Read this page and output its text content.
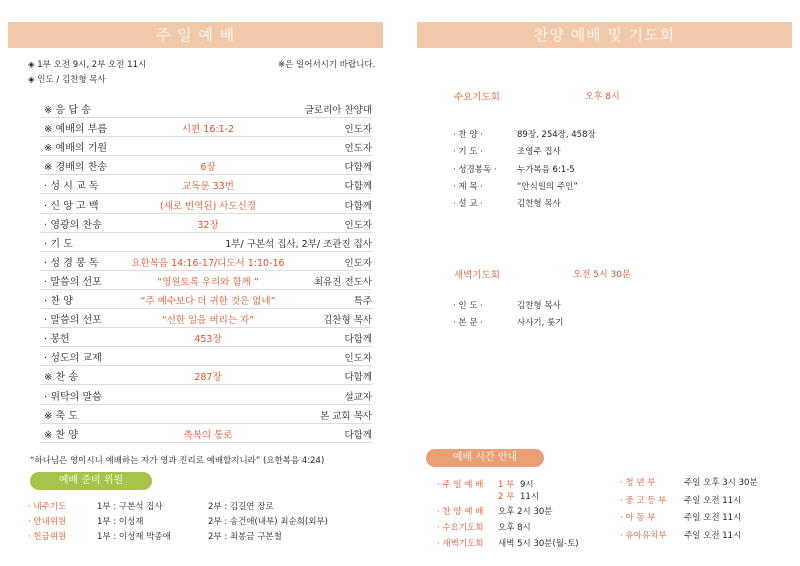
주 일 예 배
◈ 1부 오전 9시, 2부 오전 11시
◈ 인도 / 김찬형 목사
※은 일어서시기 바랍니다.
※ 응 답 송	글로리아 찬양대
※ 예배의 부름	시편 16:1-2	인도자
※ 예배의 기원	인도자
※ 경배의 찬송	6장	다함께
· 성 시 교 독	교독문 33번	다함께
· 신 앙 고 백	(새로 번역된) 사도신경	다함께
· 영광의 찬송	32장	인도자
· 기 도	1부/ 구본석 집사, 2부/ 조관진 집사
· 성 경 봉 독	요한복음 14:16-17/디도서 1:10-16	인도자
· 말씀의 선포	“영원토록 우리와 함께 ”	최유진 전도사
· 찬 양	“주 예수보다 더 귀한 것은 없네”	특주
· 말씀의 선포	“선한 일을 버리는 자”	김찬형 목사
· 봉헌	453장	다함께
· 성도의 교제	인도자
※ 찬 송	287장	다함께
· 위탁의 말씀	설교자
※ 축 도	본 교회 목사
※ 찬 양	축복의 통로	다함께
“하나님은 영이시니 예배하는 자가 영과 진리로 예배할지니라” (요한복음 4:24)
예배 준비 위원
· 내주기도	1부 : 구본석 집사	2부 : 김길연 장로
· 안내위원	1부 : 이성재	2부 : 송건애(내부) 최순희(외부)
· 헌금위원	1부 : 이성재 박종애	2부 : 최봉금 구본철
찬양 예배 및 기도회
수요기도회	오후 8시
· 찬 양 ·	89장, 254장, 458장
· 기 도 ·	조영주 집사
· 성경봉독 · 누가복음 6:1-5
· 제 목 ·	“안식일의 주인”
· 설 교 ·	김찬형 목사
새벽기도회	오전 5시 30분
· 인 도 ·	김찬형 목사
· 본 문 ·	사사기, 룻기
예배 시간 안내
· 주 일 예 배 1 부 9시
2 부 11시
· 찬 양 예 배 오후 2시 30분
· 수요기도회 오후 8시
· 새벽기도회 새벽 5시 30분(월-토)
· 청 년 부	주일 오후 3시 30분
· 중 고 등 부 주일 오전 11시
· 아 동 부	주일 오전 11시
· 유아유치부 주일 오전 11시
